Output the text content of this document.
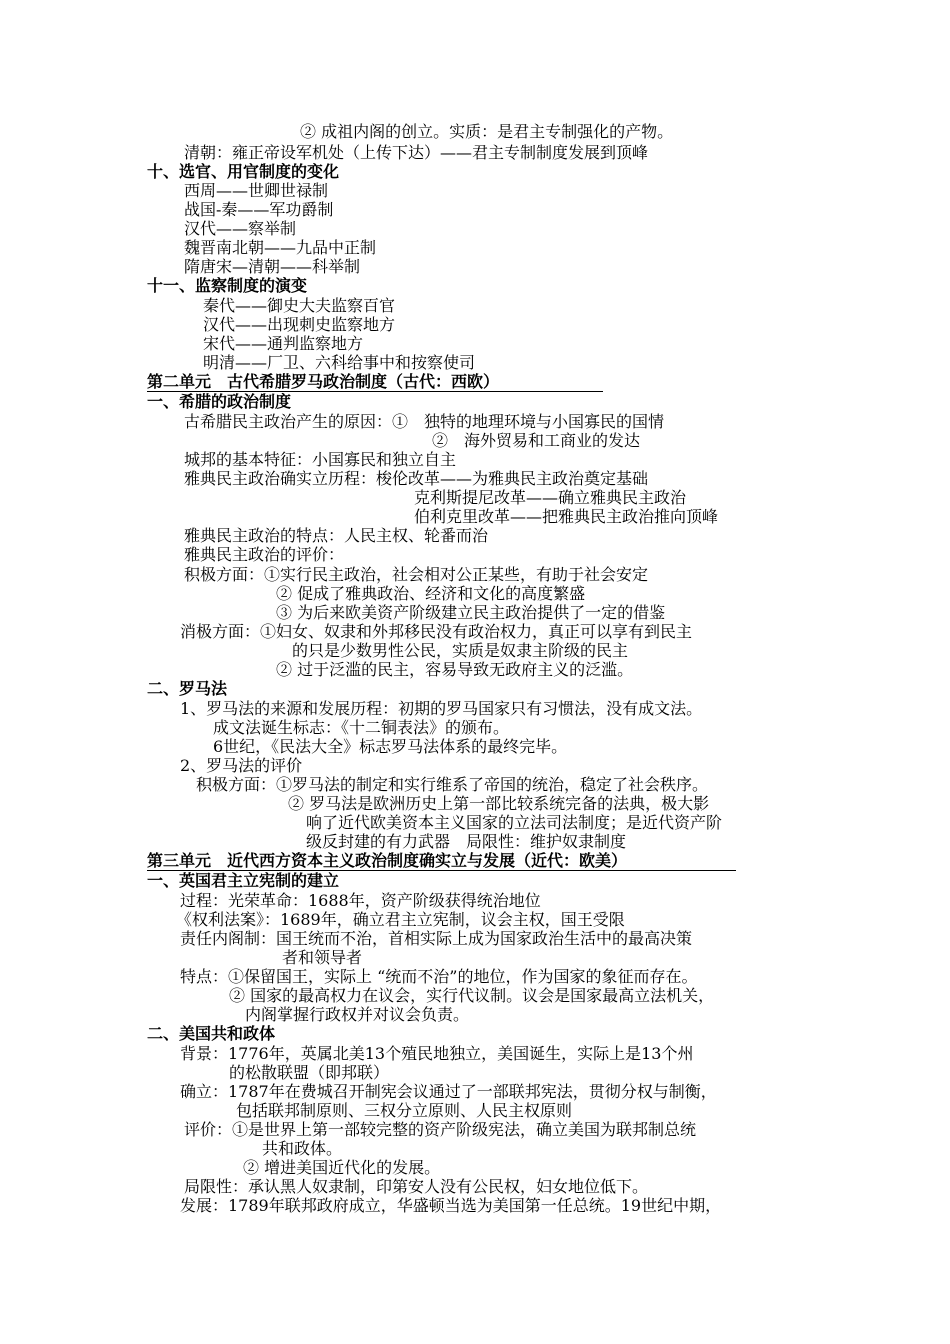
② 成祖内阁的创立。实质：是君主专制强化的产物。
清朝：雍正帝设军机处（上传下达）——君主专制制度发展到顶峰
十、选官、用官制度的变化
西周——世卿世禄制
战国-秦——军功爵制
汉代——察举制
魏晋南北朝——九品中正制
隋唐宋—清朝——科举制
十一、监察制度的演变
秦代——御史大夫监察百官
汉代——出现刺史监察地方
宋代——通判监察地方
明清——厂卫、六科给事中和按察使司
第二单元　古代希腊罗马政治制度（古代：西欧）
一、希腊的政治制度
古希腊民主政治产生的原因：①　独特的地理环境与小国寡民的国情
②　海外贸易和工商业的发达
城邦的基本特征：小国寡民和独立自主
雅典民主政治确实立历程：梭伦改革——为雅典民主政治奠定基础
克利斯提尼改革——确立雅典民主政治
伯利克里改革——把雅典民主政治推向顶峰
雅典民主政治的特点：人民主权、轮番而治
雅典民主政治的评价：
积极方面：①实行民主政治，社会相对公正某些，有助于社会安定
② 促成了雅典政治、经济和文化的高度繁盛
③ 为后来欧美资产阶级建立民主政治提供了一定的借鉴
消极方面：①妇女、奴隶和外邦移民没有政治权力，真正可以享有到民主
的只是少数男性公民，实质是奴隶主阶级的民主
② 过于泛滥的民主，容易导致无政府主义的泛滥。
二、罗马法
1、罗马法的来源和发展历程：初期的罗马国家只有习惯法，没有成文法。
成文法诞生标志：《十二铜表法》的颁布。
6世纪，《民法大全》标志罗马法体系的最终完毕。
2、罗马法的评价
积极方面：①罗马法的制定和实行维系了帝国的统治，稳定了社会秩序。
② 罗马法是欧洲历史上第一部比较系统完备的法典，极大影
响了近代欧美资本主义国家的立法司法制度；是近代资产阶
级反封建的有力武器　局限性：维护奴隶制度
第三单元　近代西方资本主义政治制度确实立与发展（近代：欧美）
一、英国君主立宪制的建立
过程：光荣革命：1688年，资产阶级获得统治地位
《权利法案》：1689年，确立君主立宪制，议会主权，国王受限
责任内阁制：国王统而不治，首相实际上成为国家政治生活中的最高决策
者和领导者
特点：①保留国王，实际上 “统而不治”的地位，作为国家的象征而存在。
② 国家的最高权力在议会，实行代议制。议会是国家最高立法机关，
内阁掌握行政权并对议会负责。
二、美国共和政体
背景：1776年，英属北美13个殖民地独立，美国诞生，实际上是13个州
的松散联盟（即邦联）
确立：1787年在费城召开制宪会议通过了一部联邦宪法，贯彻分权与制衡，
包括联邦制原则、三权分立原则、人民主权原则
评价：①是世界上第一部较完整的资产阶级宪法，确立美国为联邦制总统
共和政体。
② 增进美国近代化的发展。
局限性：承认黑人奴隶制，印第安人没有公民权，妇女地位低下。
发展：1789年联邦政府成立，华盛顿当选为美国第一任总统。19世纪中期，
